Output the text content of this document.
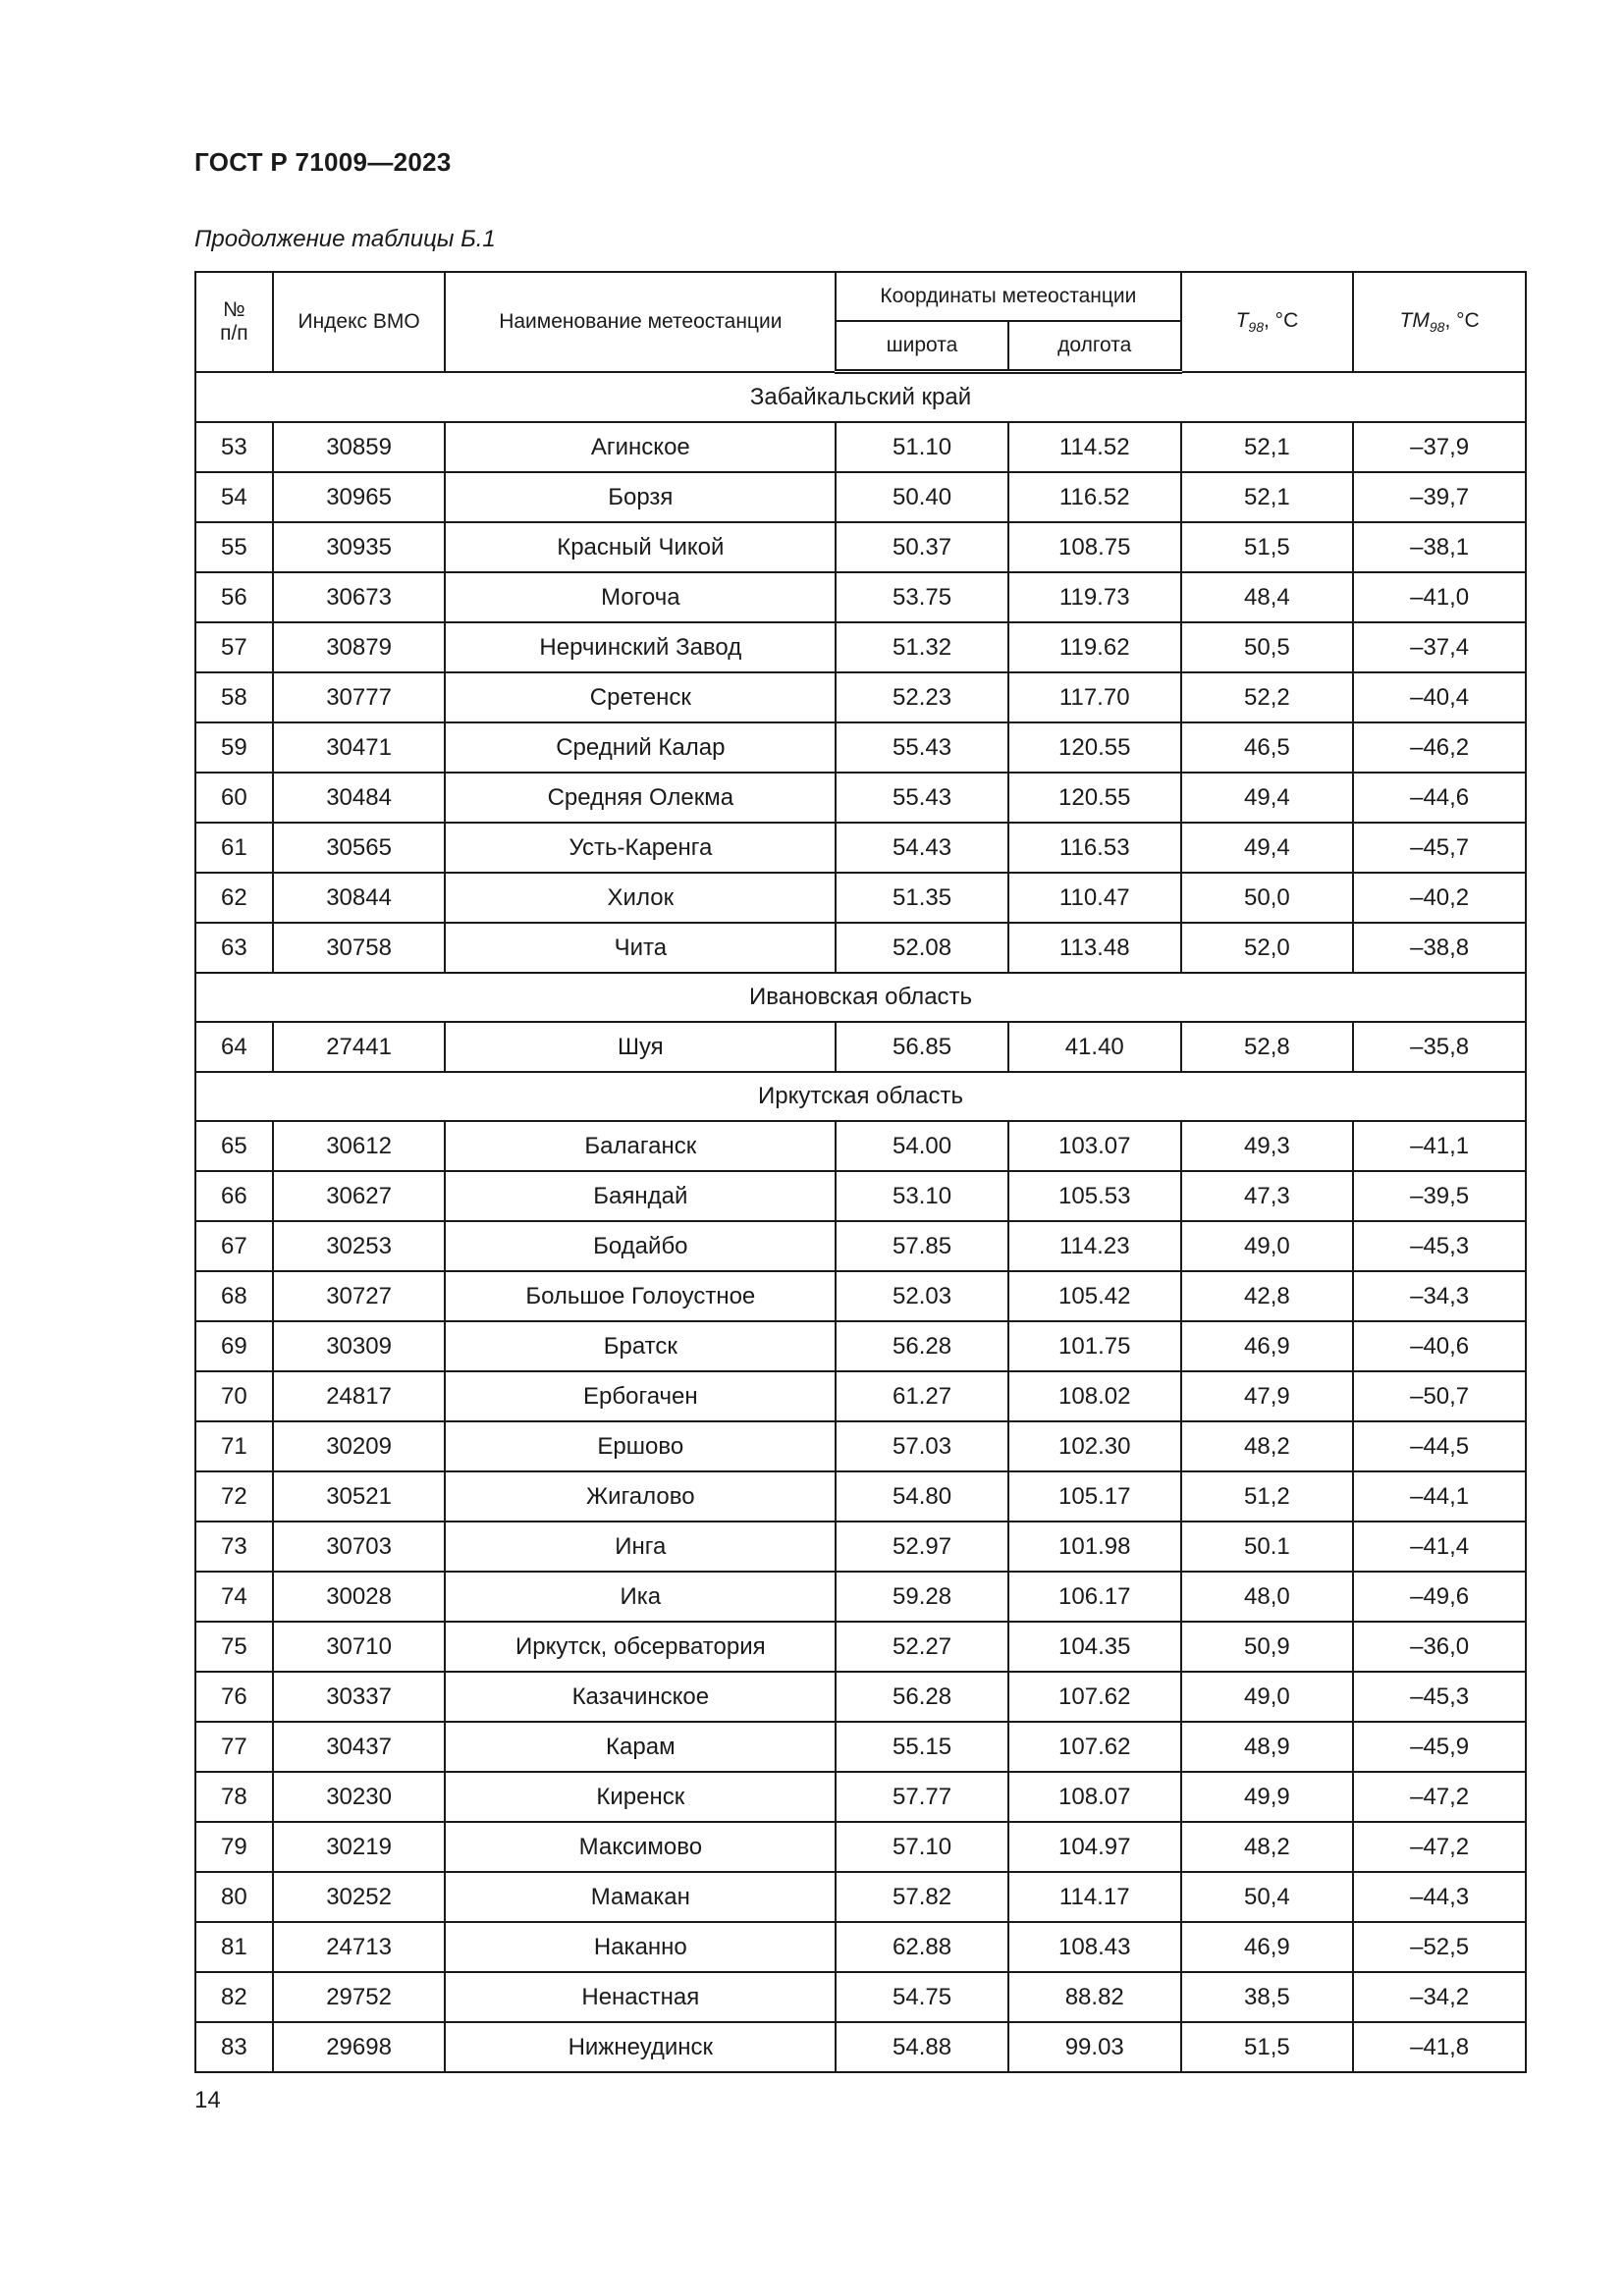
ГОСТ Р 71009—2023
Продолжение таблицы Б.1
№
п/п	Индекс ВМО	Наименование метеостанции	Координаты метеостанции		$T_{98}$, °C	$TM_{98}$, °C
			широта	долгота		
Забайкальский край						
53	30859	Агинское	51.10	114.52	52,1	–37,9
54	30965	Борзя	50.40	116.52	52,1	–39,7
55	30935	Красный Чикой	50.37	108.75	51,5	–38,1
56	30673	Могоча	53.75	119.73	48,4	–41,0
57	30879	Нерчинский Завод	51.32	119.62	50,5	–37,4
58	30777	Сретенск	52.23	117.70	52,2	–40,4
59	30471	Средний Калар	55.43	120.55	46,5	–46,2
60	30484	Средняя Олекма	55.43	120.55	49,4	–44,6
61	30565	Усть-Каренга	54.43	116.53	49,4	–45,7
62	30844	Хилок	51.35	110.47	50,0	–40,2
63	30758	Чита	52.08	113.48	52,0	–38,8
Ивановская область						
64	27441	Шуя	56.85	41.40	52,8	–35,8
Иркутская область						
65	30612	Балаганск	54.00	103.07	49,3	–41,1
66	30627	Баяндай	53.10	105.53	47,3	–39,5
67	30253	Бодайбо	57.85	114.23	49,0	–45,3
68	30727	Большое Голоустное	52.03	105.42	42,8	–34,3
69	30309	Братск	56.28	101.75	46,9	–40,6
70	24817	Ербогачен	61.27	108.02	47,9	–50,7
71	30209	Ершово	57.03	102.30	48,2	–44,5
72	30521	Жигалово	54.80	105.17	51,2	–44,1
73	30703	Инга	52.97	101.98	50.1	–41,4
74	30028	Ика	59.28	106.17	48,0	–49,6
75	30710	Иркутск, обсерватория	52.27	104.35	50,9	–36,0
76	30337	Казачинское	56.28	107.62	49,0	–45,3
77	30437	Карам	55.15	107.62	48,9	–45,9
78	30230	Киренск	57.77	108.07	49,9	–47,2
79	30219	Максимово	57.10	104.97	48,2	–47,2
80	30252	Мамакан	57.82	114.17	50,4	–44,3
81	24713	Наканно	62.88	108.43	46,9	–52,5
82	29752	Ненастная	54.75	88.82	38,5	–34,2
83	29698	Нижнеудинск	54.88	99.03	51,5	–41,8
14
